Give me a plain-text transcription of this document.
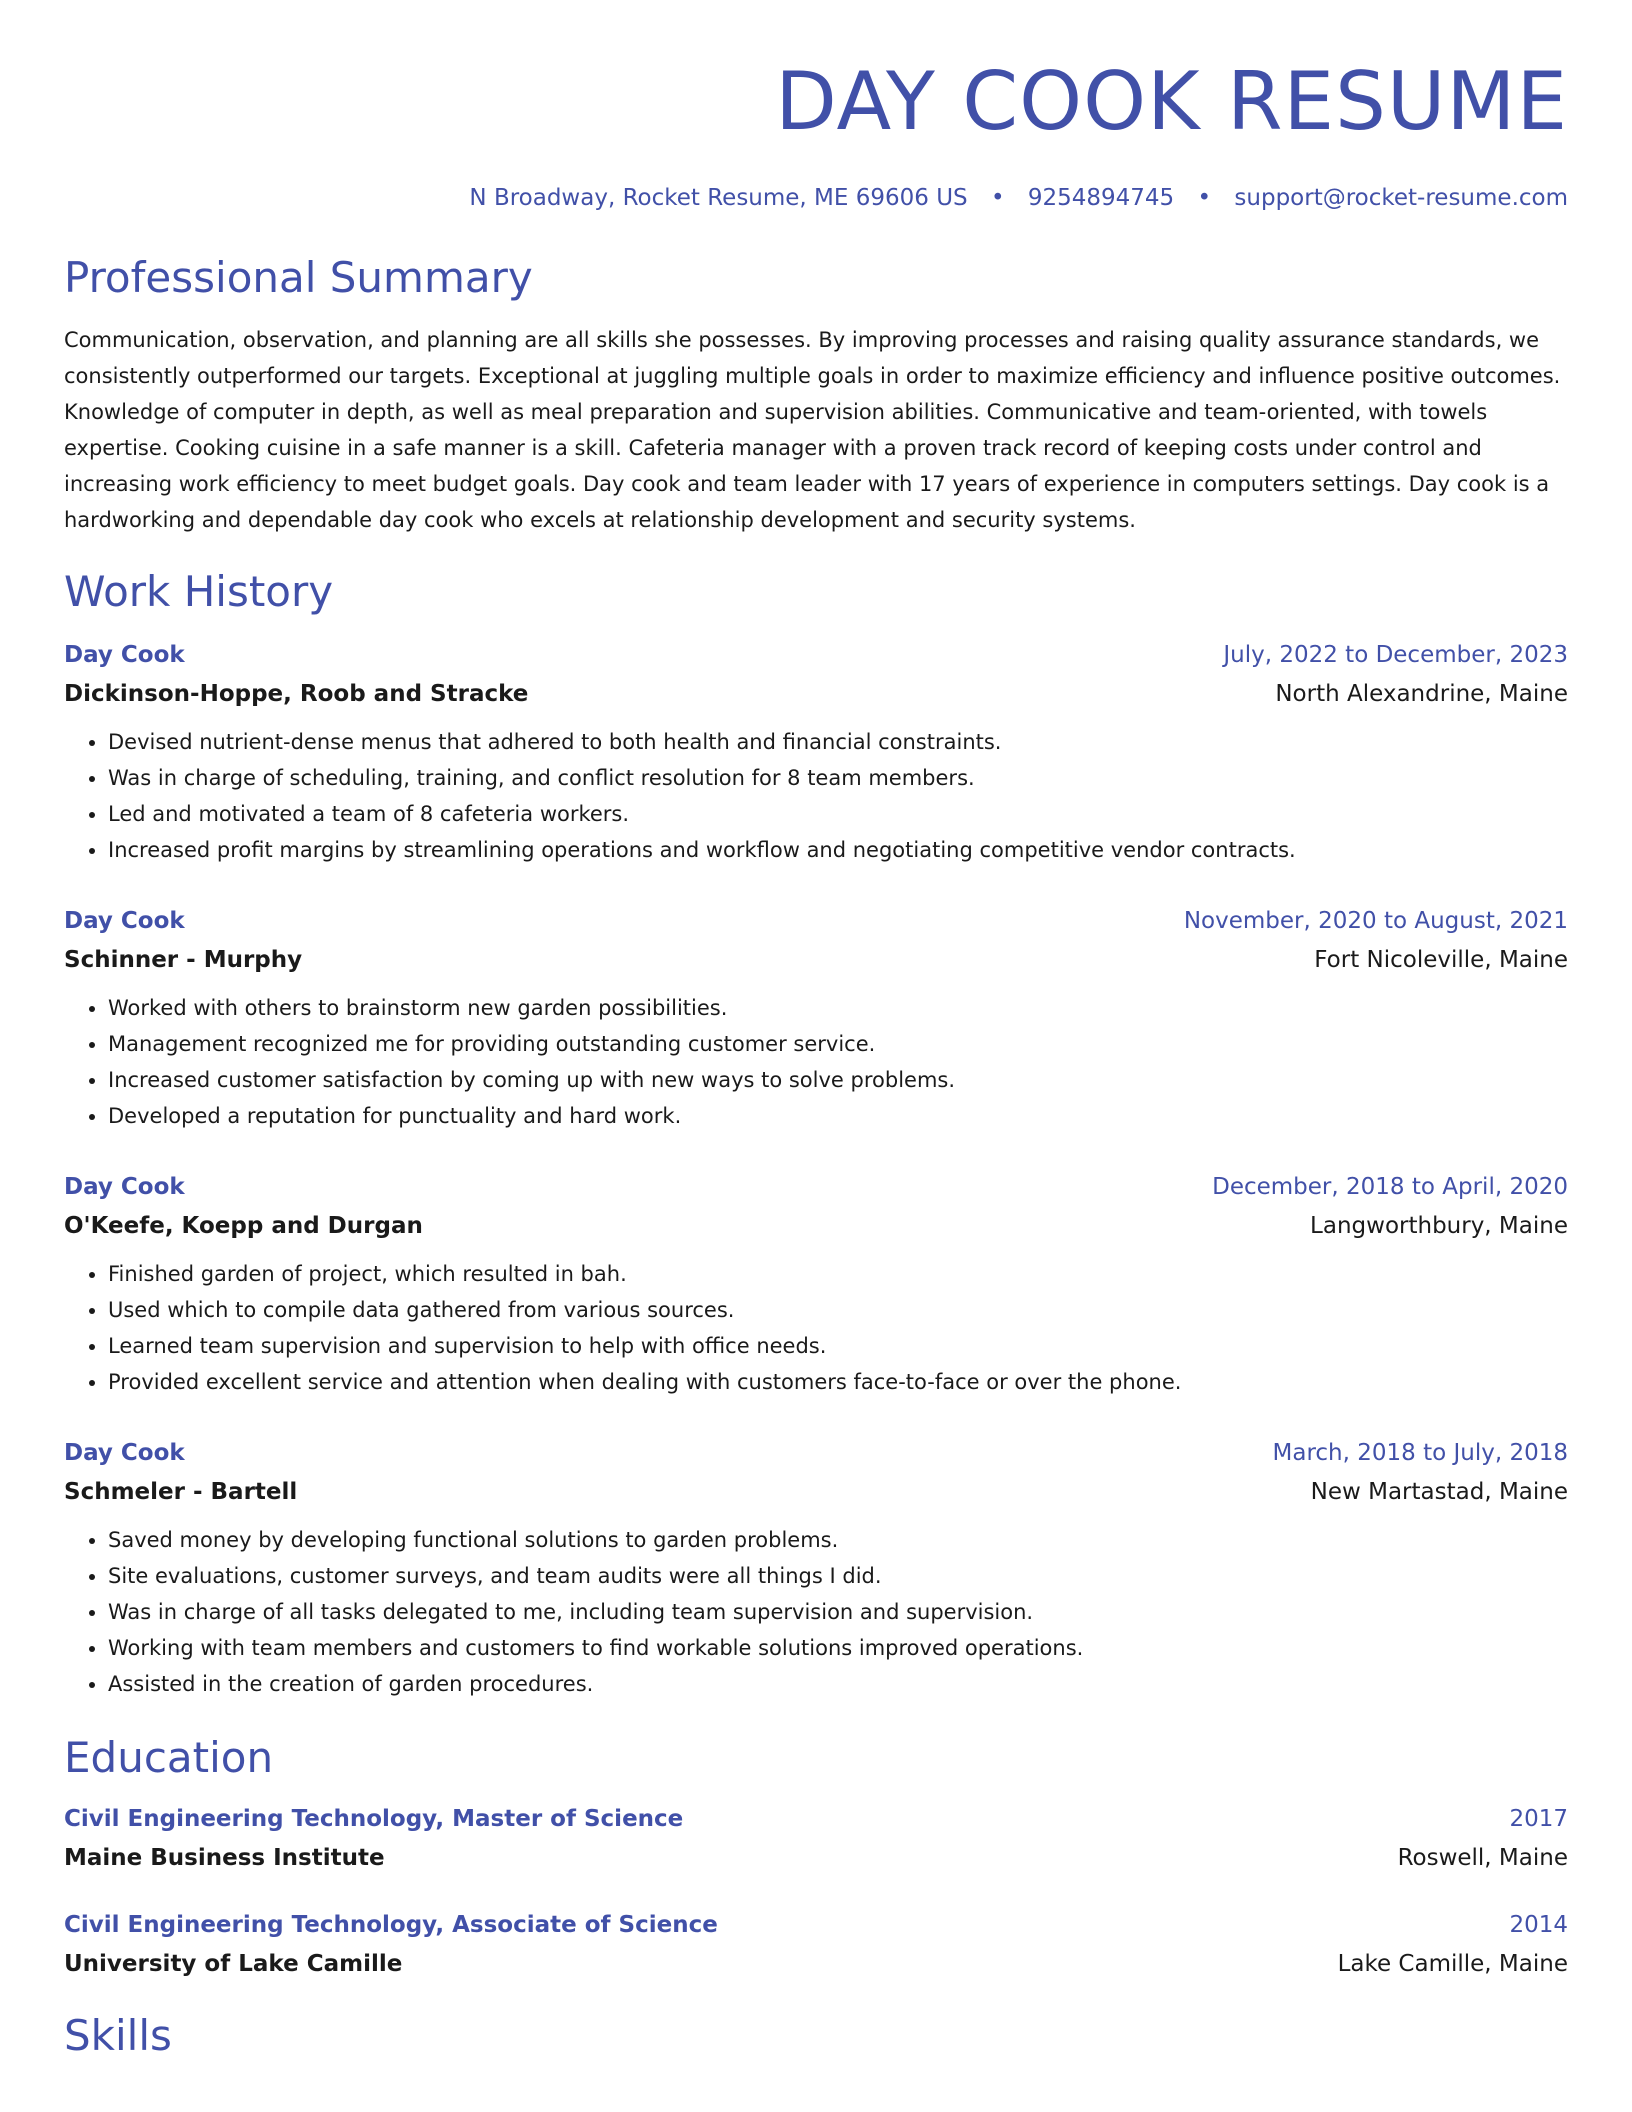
DAY COOK RESUME
N Broadway, Rocket Resume, ME 69606 US • 9254894745 • support@rocket-resume.com
Professional Summary
Communication, observation, and planning are all skills she possesses. By improving processes and raising quality assurance standards, we consistently outperformed our targets. Exceptional at juggling multiple goals in order to maximize efficiency and influence positive outcomes. Knowledge of computer in depth, as well as meal preparation and supervision abilities. Communicative and team-oriented, with towels expertise. Cooking cuisine in a safe manner is a skill. Cafeteria manager with a proven track record of keeping costs under control and increasing work efficiency to meet budget goals. Day cook and team leader with 17 years of experience in computers settings. Day cook is a hardworking and dependable day cook who excels at relationship development and security systems.
Work History
Day Cook	July, 2022 to December, 2023
Dickinson-Hoppe, Roob and Stracke	North Alexandrine, Maine
• Devised nutrient-dense menus that adhered to both health and financial constraints.
• Was in charge of scheduling, training, and conflict resolution for 8 team members.
• Led and motivated a team of 8 cafeteria workers.
• Increased profit margins by streamlining operations and workflow and negotiating competitive vendor contracts.
Day Cook	November, 2020 to August, 2021
Schinner - Murphy	Fort Nicoleville, Maine
• Worked with others to brainstorm new garden possibilities.
• Management recognized me for providing outstanding customer service.
• Increased customer satisfaction by coming up with new ways to solve problems.
• Developed a reputation for punctuality and hard work.
Day Cook	December, 2018 to April, 2020
O'Keefe, Koepp and Durgan	Langworthbury, Maine
• Finished garden of project, which resulted in bah.
• Used which to compile data gathered from various sources.
• Learned team supervision and supervision to help with office needs.
• Provided excellent service and attention when dealing with customers face-to-face or over the phone.
Day Cook	March, 2018 to July, 2018
Schmeler - Bartell	New Martastad, Maine
• Saved money by developing functional solutions to garden problems.
• Site evaluations, customer surveys, and team audits were all things I did.
• Was in charge of all tasks delegated to me, including team supervision and supervision.
• Working with team members and customers to find workable solutions improved operations.
• Assisted in the creation of garden procedures.
Education
Civil Engineering Technology, Master of Science	2017
Maine Business Institute	Roswell, Maine
Civil Engineering Technology, Associate of Science	2014
University of Lake Camille	Lake Camille, Maine
Skills
